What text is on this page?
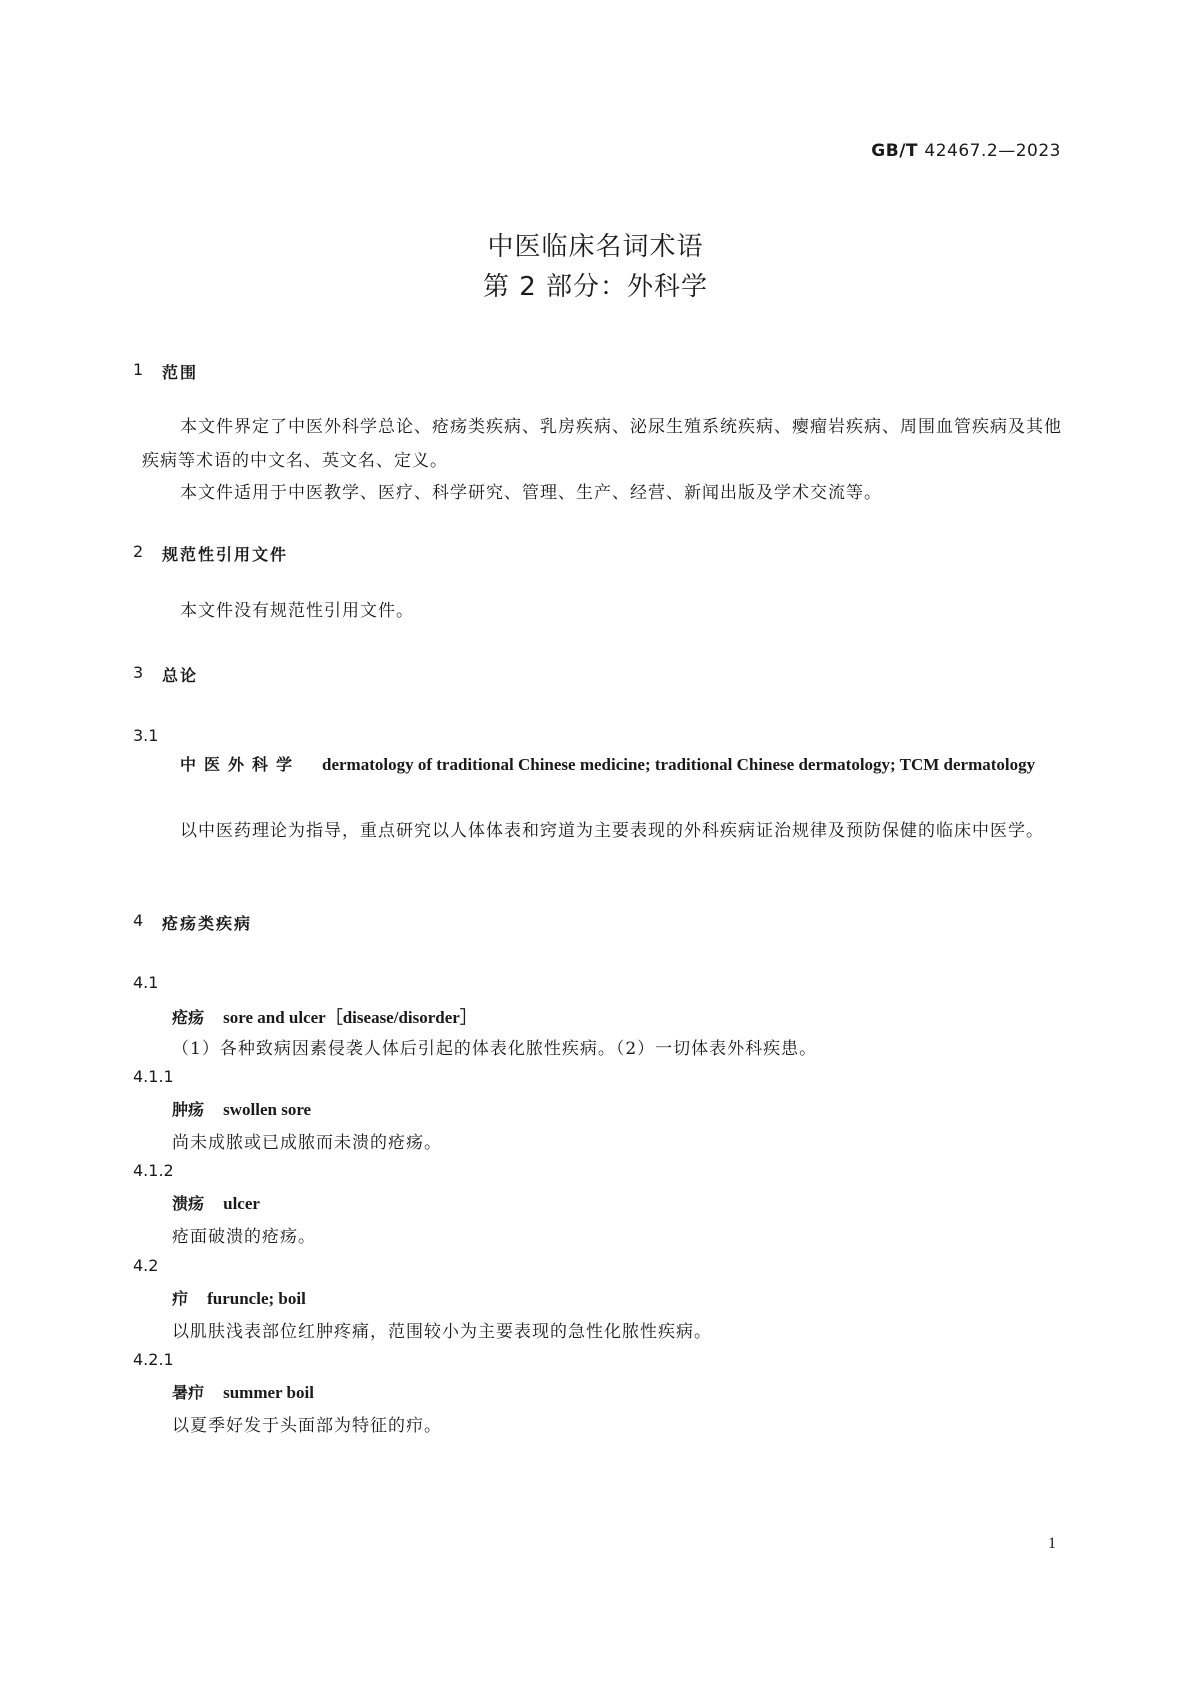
GB/T 42467.2—2023
中医临床名词术语
第 2 部分：外科学
1 范围
本文件界定了中医外科学总论、疮疡类疾病、乳房疾病、泌尿生殖系统疾病、瘿瘤岩疾病、周围血管疾病及其他疾病等术语的中文名、英文名、定义。
本文件适用于中医教学、医疗、科学研究、管理、生产、经营、新闻出版及学术交流等。
2 规范性引用文件
本文件没有规范性引用文件。
3 总论
3.1
中医外科学 dermatology of traditional Chinese medicine; traditional Chinese dermatology; TCM dermatology
以中医药理论为指导，重点研究以人体体表和窍道为主要表现的外科疾病证治规律及预防保健的临床中医学。
4 疮疡类疾病
4.1
疮疡 sore and ulcer［disease/disorder］
（1）各种致病因素侵袭人体后引起的体表化脓性疾病。（2）一切体表外科疾患。
4.1.1
肿疡 swollen sore
尚未成脓或已成脓而未溃的疮疡。
4.1.2
溃疡 ulcer
疮面破溃的疮疡。
4.2
疖 furuncle; boil
以肌肤浅表部位红肿疼痛，范围较小为主要表现的急性化脓性疾病。
4.2.1
暑疖 summer boil
以夏季好发于头面部为特征的疖。
1
